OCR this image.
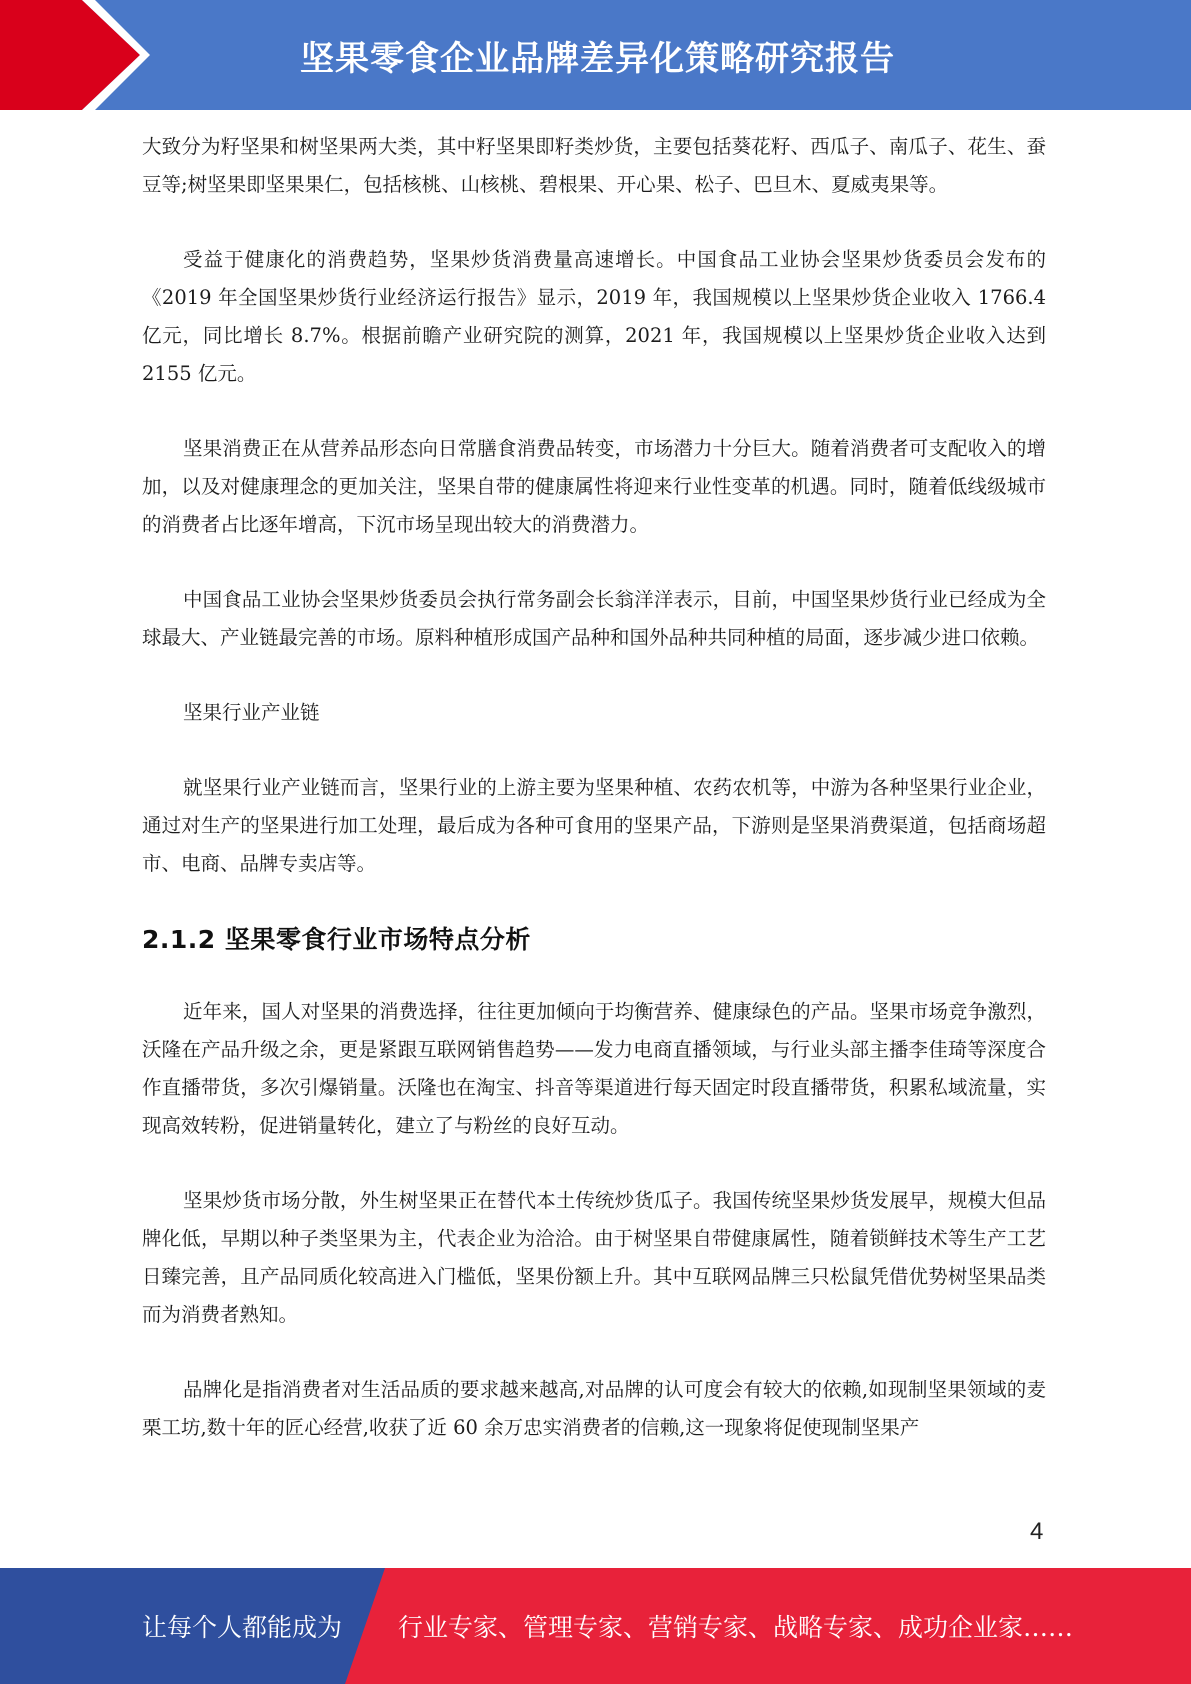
坚果零食企业品牌差异化策略研究报告

大致分为籽坚果和树坚果两大类，其中籽坚果即籽类炒货，主要包括葵花籽、西瓜子、南瓜子、花生、蚕豆等;树坚果即坚果果仁，包括核桃、山核桃、碧根果、开心果、松子、巴旦木、夏威夷果等。

受益于健康化的消费趋势，坚果炒货消费量高速增长。中国食品工业协会坚果炒货委员会发布的《2019 年全国坚果炒货行业经济运行报告》显示，2019 年，我国规模以上坚果炒货企业收入 1766.4 亿元，同比增长 8.7%。根据前瞻产业研究院的测算，2021 年，我国规模以上坚果炒货企业收入达到 2155 亿元。

坚果消费正在从营养品形态向日常膳食消费品转变，市场潜力十分巨大。随着消费者可支配收入的增加，以及对健康理念的更加关注，坚果自带的健康属性将迎来行业性变革的机遇。同时，随着低线级城市的消费者占比逐年增高，下沉市场呈现出较大的消费潜力。

中国食品工业协会坚果炒货委员会执行常务副会长翁洋洋表示，目前，中国坚果炒货行业已经成为全球最大、产业链最完善的市场。原料种植形成国产品种和国外品种共同种植的局面，逐步减少进口依赖。

坚果行业产业链

就坚果行业产业链而言，坚果行业的上游主要为坚果种植、农药农机等，中游为各种坚果行业企业，通过对生产的坚果进行加工处理，最后成为各种可食用的坚果产品，下游则是坚果消费渠道，包括商场超市、电商、品牌专卖店等。

2.1.2 坚果零食行业市场特点分析

近年来，国人对坚果的消费选择，往往更加倾向于均衡营养、健康绿色的产品。坚果市场竞争激烈，沃隆在产品升级之余，更是紧跟互联网销售趋势——发力电商直播领域，与行业头部主播李佳琦等深度合作直播带货，多次引爆销量。沃隆也在淘宝、抖音等渠道进行每天固定时段直播带货，积累私域流量，实现高效转粉，促进销量转化，建立了与粉丝的良好互动。

坚果炒货市场分散，外生树坚果正在替代本土传统炒货瓜子。我国传统坚果炒货发展早，规模大但品牌化低，早期以种子类坚果为主，代表企业为洽洽。由于树坚果自带健康属性，随着锁鲜技术等生产工艺日臻完善，且产品同质化较高进入门槛低，坚果份额上升。其中互联网品牌三只松鼠凭借优势树坚果品类而为消费者熟知。

品牌化是指消费者对生活品质的要求越来越高,对品牌的认可度会有较大的依赖,如现制坚果领域的麦栗工坊,数十年的匠心经营,收获了近 60 余万忠实消费者的信赖,这一现象将促使现制坚果产

4
让每个人都能成为 行业专家、管理专家、营销专家、战略专家、成功企业家……
